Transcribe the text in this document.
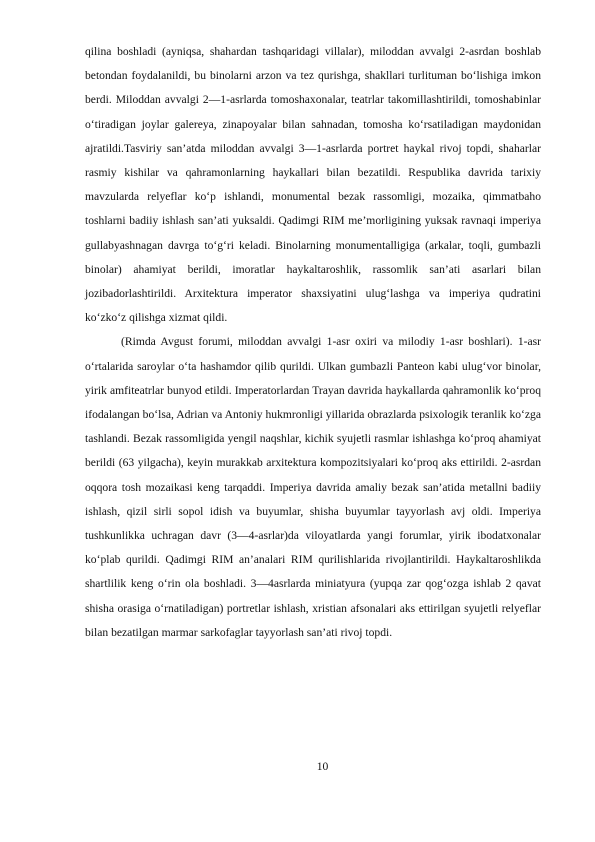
qilina boshladi (ayniqsa, shahardan tashqaridagi villalar), miloddan avvalgi 2-asrdan boshlab betondan foydalanildi, bu binolarni arzon va tez qurishga, shakllari turlituman bo‘lishiga imkon berdi. Miloddan avvalgi 2—1-asrlarda tomoshaxonalar, teatrlar takomillashtirildi, tomoshabinlar o‘tiradigan joylar galereya, zinapoyalar bilan sahnadan, tomosha ko‘rsatiladigan maydonidan ajratildi.Tasviriy san’atda miloddan avvalgi 3—1-asrlarda portret haykal rivoj topdi, shaharlar rasmiy kishilar va qahramonlarning haykallari bilan bezatildi. Respublika davrida tarixiy mavzularda relyeflar ko‘p ishlandi, monumental bezak rassomligi, mozaika, qimmatbaho toshlarni badiiy ishlash san’ati yuksaldi. Qadimgi RIM me’morligining yuksak ravnaqi imperiya gullabyashnagan davrga to‘g‘ri keladi. Binolarning monumentalligiga (arkalar, toqli, gumbazli binolar) ahamiyat berildi, imoratlar haykaltaroshlik, rassomlik san’ati asarlari bilan jozibadorlashtirildi. Arxitektura imperator shaxsiyatini ulug‘lashga va imperiya qudratini ko‘zko‘z qilishga xizmat qildi.

(Rimda Avgust forumi, miloddan avvalgi 1-asr oxiri va milodiy 1-asr boshlari). 1-asr o‘rtalarida saroylar o‘ta hashamdor qilib qurildi. Ulkan gumbazli Panteon kabi ulug‘vor binolar, yirik amfiteatrlar bunyod etildi. Imperatorlardan Trayan davrida haykallarda qahramonlik ko‘proq ifodalangan bo‘lsa, Adrian va Antoniy hukmronligi yillarida obrazlarda psixologik teranlik ko‘zga tashlandi. Bezak rassomligida yengil naqshlar, kichik syujetli rasmlar ishlashga ko‘proq ahamiyat berildi (63 yilgacha), keyin murakkab arxitektura kompozitsiyalari ko‘proq aks ettirildi. 2-asrdan oqqora tosh mozaikasi keng tarqaddi. Imperiya davrida amaliy bezak san’atida metallni badiiy ishlash, qizil sirli sopol idish va buyumlar, shisha buyumlar tayyorlash avj oldi. Imperiya tushkunlikka uchragan davr (3—4-asrlar)da viloyatlarda yangi forumlar, yirik ibodatxonalar ko‘plab qurildi. Qadimgi RIM an’analari RIM qurilishlarida rivojlantirildi. Haykaltaroshlikda shartlilik keng o‘rin ola boshladi. 3—4asrlarda miniatyura (yupqa zar qog‘ozga ishlab 2 qavat shisha orasiga o‘rnatiladigan) portretlar ishlash, xristian afsonalari aks ettirilgan syujetli relyeflar bilan bezatilgan marmar sarkofaglar tayyorlash san’ati rivoj topdi.

10
